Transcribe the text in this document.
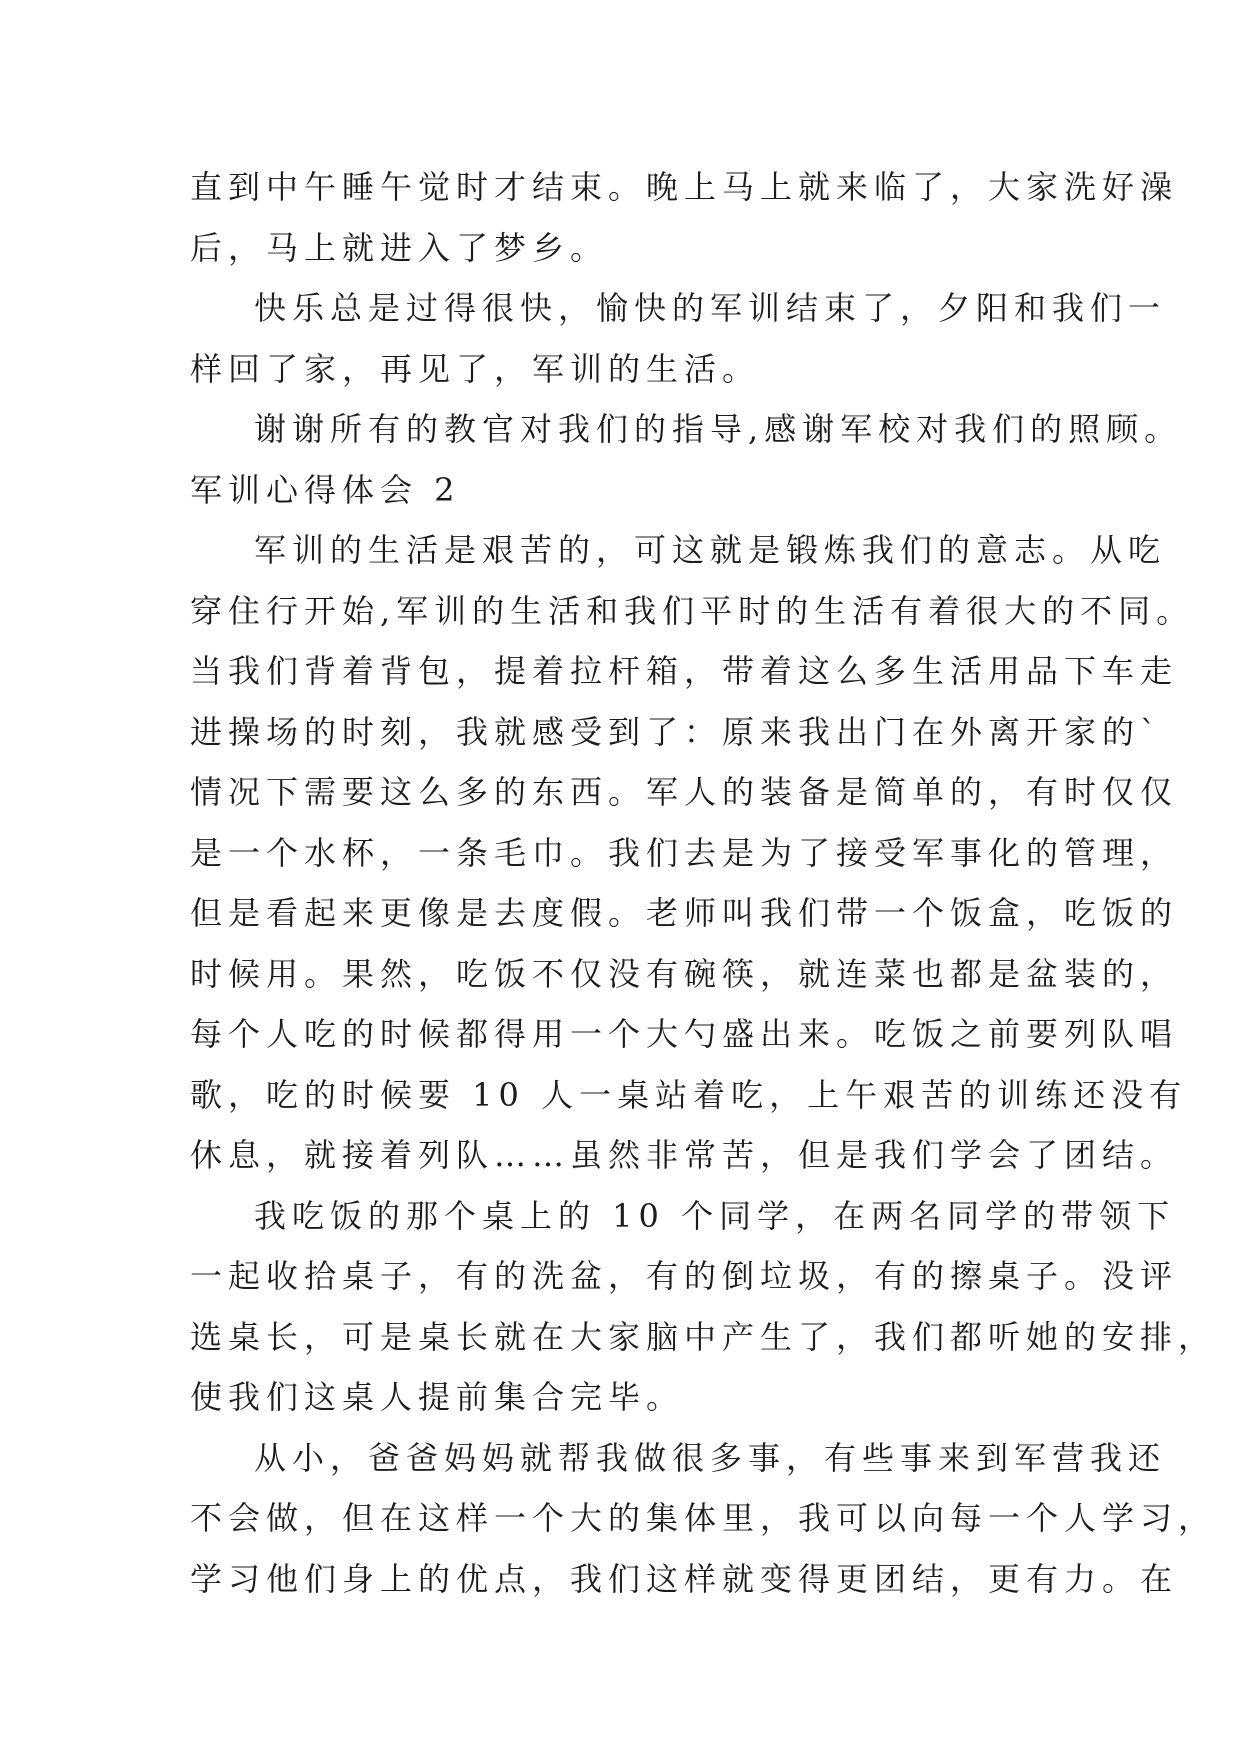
直到中午睡午觉时才结束。晚上马上就来临了，大家洗好澡
后，马上就进入了梦乡。
快乐总是过得很快，愉快的军训结束了，夕阳和我们一
样回了家，再见了，军训的生活。
谢谢所有的教官对我们的指导,感谢军校对我们的照顾。
军训心得体会 2
军训的生活是艰苦的，可这就是锻炼我们的意志。从吃
穿住行开始,军训的生活和我们平时的生活有着很大的不同。
当我们背着背包，提着拉杆箱，带着这么多生活用品下车走
进操场的时刻，我就感受到了：原来我出门在外离开家的`
情况下需要这么多的东西。军人的装备是简单的，有时仅仅
是一个水杯，一条毛巾。我们去是为了接受军事化的管理，
但是看起来更像是去度假。老师叫我们带一个饭盒，吃饭的
时候用。果然，吃饭不仅没有碗筷，就连菜也都是盆装的，
每个人吃的时候都得用一个大勺盛出来。吃饭之前要列队唱
歌，吃的时候要 10 人一桌站着吃，上午艰苦的训练还没有
休息，就接着列队……虽然非常苦，但是我们学会了团结。
我吃饭的那个桌上的 10 个同学，在两名同学的带领下
一起收拾桌子，有的洗盆，有的倒垃圾，有的擦桌子。没评
选桌长，可是桌长就在大家脑中产生了，我们都听她的安排，
使我们这桌人提前集合完毕。
从小，爸爸妈妈就帮我做很多事，有些事来到军营我还
不会做，但在这样一个大的集体里，我可以向每一个人学习，
学习他们身上的优点，我们这样就变得更团结，更有力。在
